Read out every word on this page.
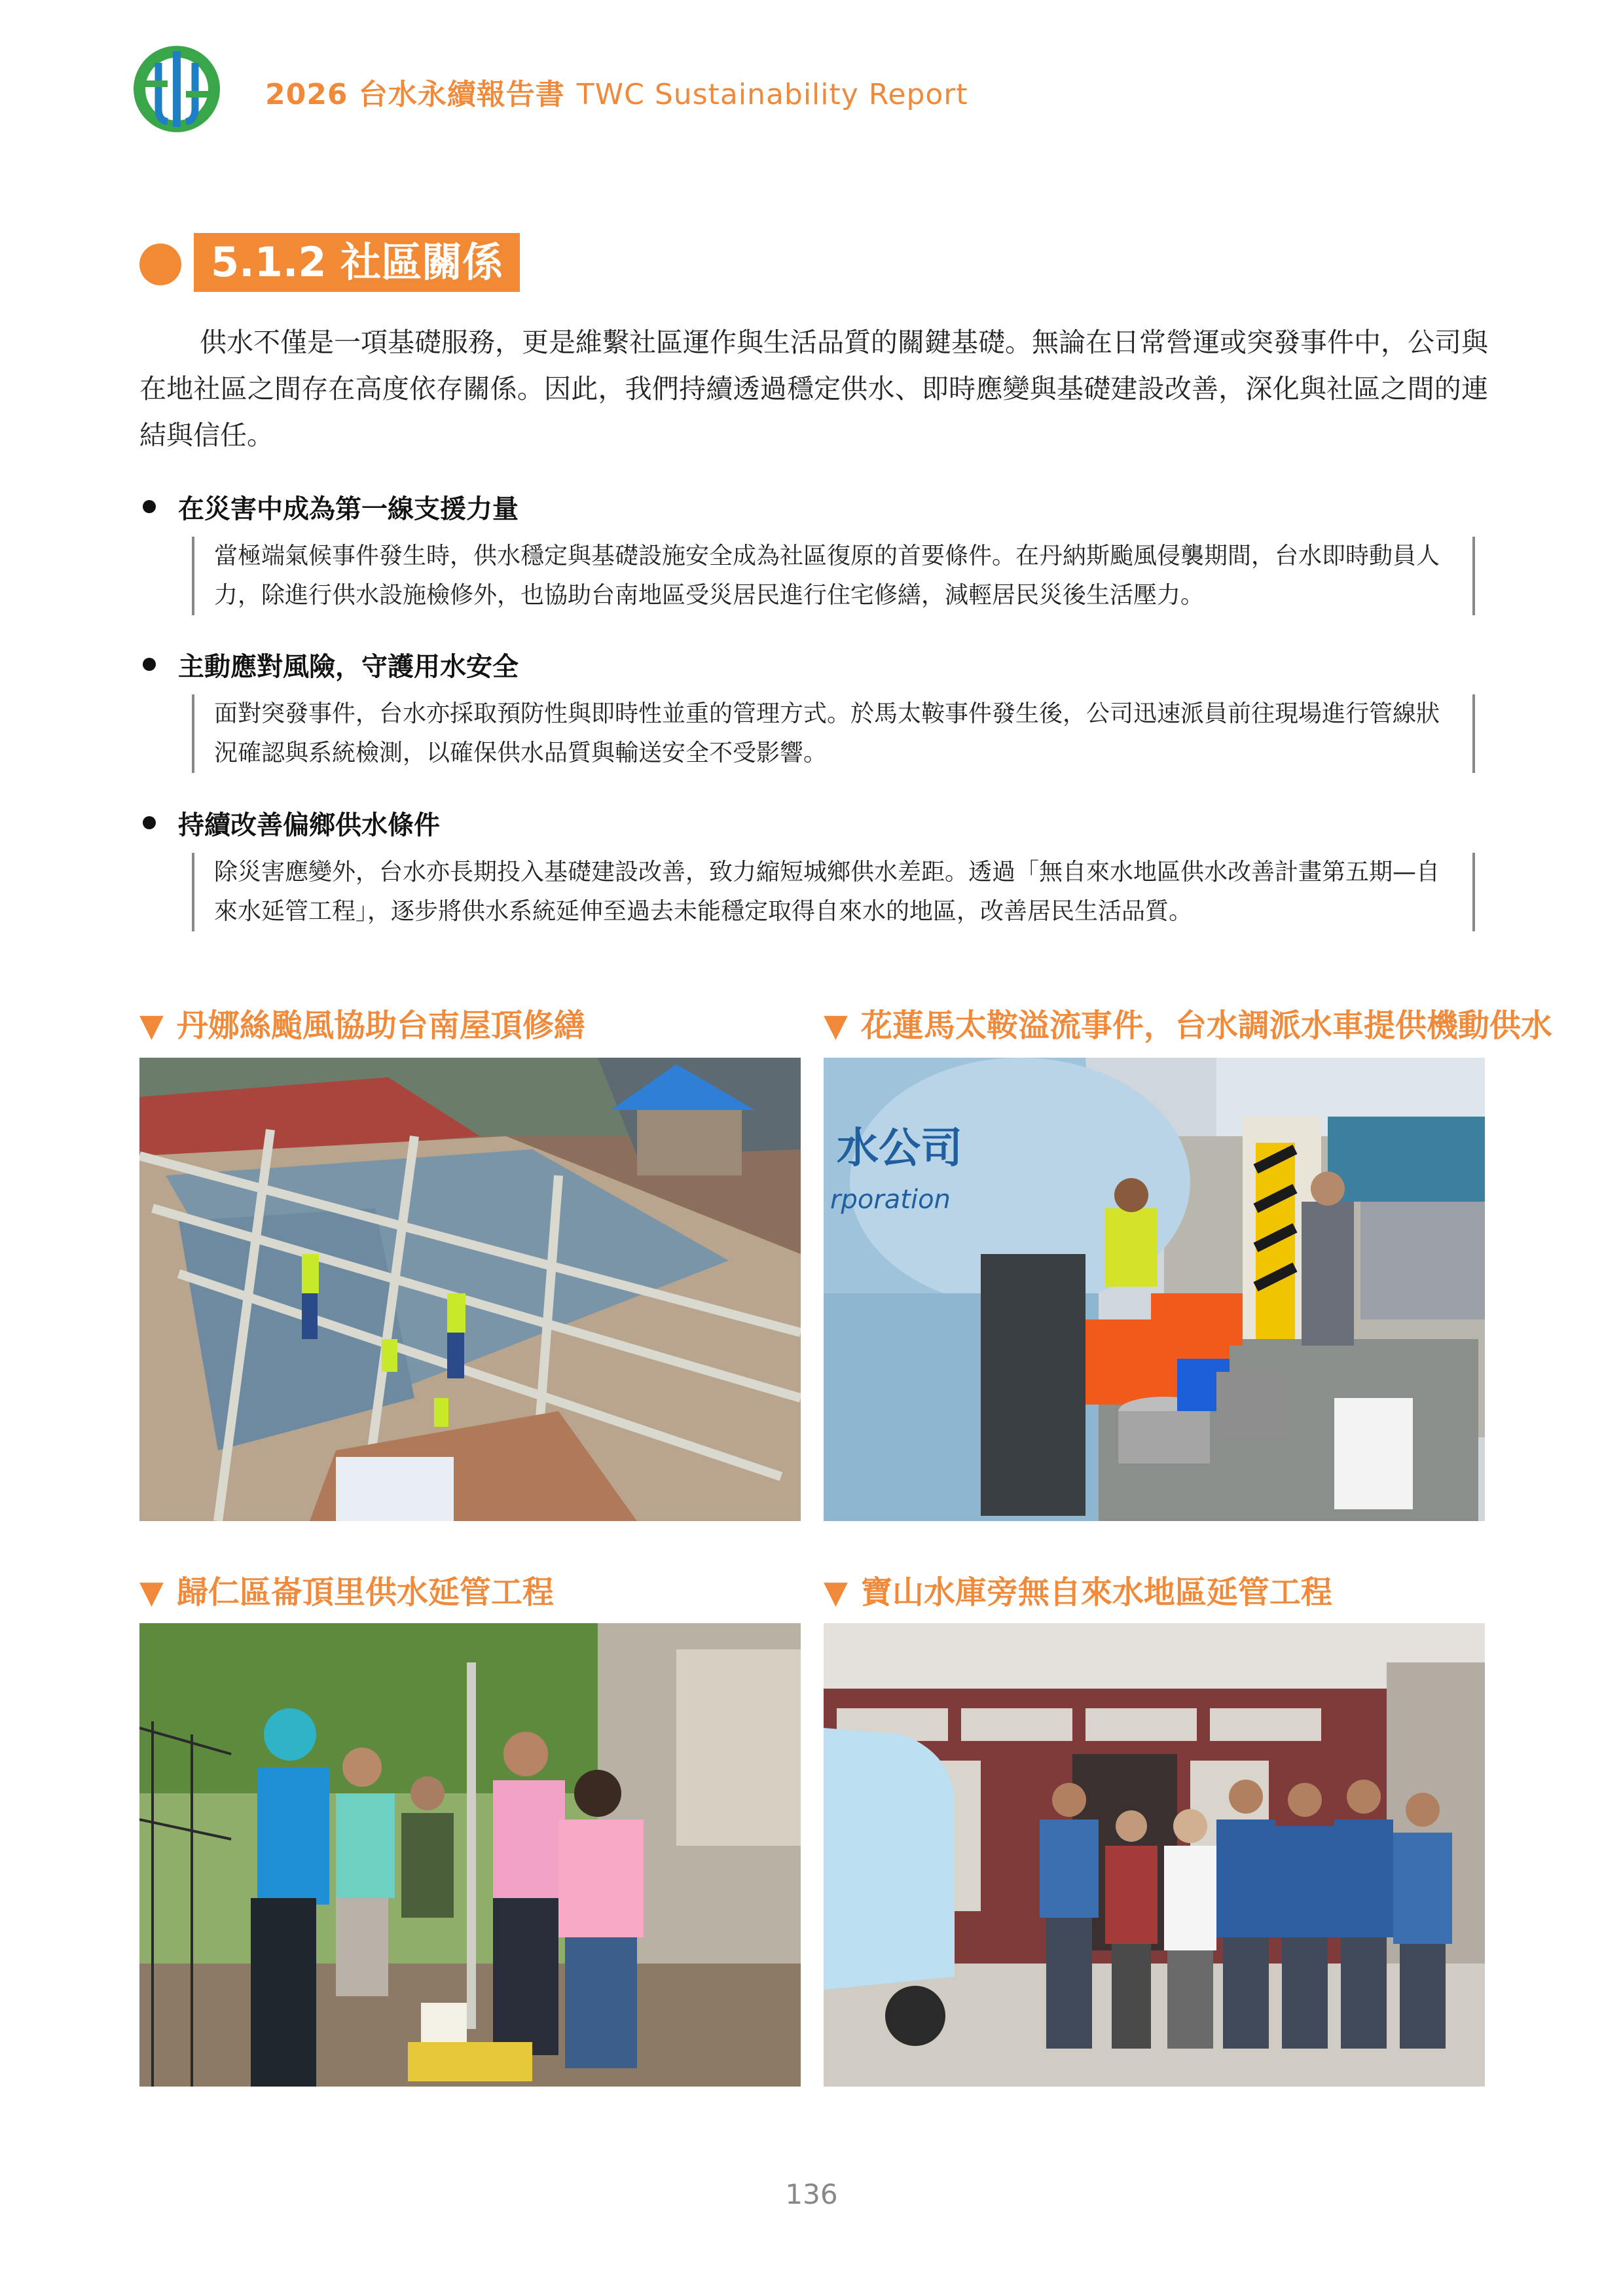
2026 台水永續報告書 TWC Sustainability Report
5.1.2 社區關係
供水不僅是一項基礎服務，更是維繫社區運作與生活品質的關鍵基礎。無論在日常營運或突發事件中，公司與在地社區之間存在高度依存關係。因此，我們持續透過穩定供水、即時應變與基礎建設改善，深化與社區之間的連結與信任。
在災害中成為第一線支援力量
當極端氣候事件發生時，供水穩定與基礎設施安全成為社區復原的首要條件。在丹納斯颱風侵襲期間，台水即時動員人力，除進行供水設施檢修外，也協助台南地區受災居民進行住宅修繕，減輕居民災後生活壓力。
主動應對風險，守護用水安全
面對突發事件，台水亦採取預防性與即時性並重的管理方式。於馬太鞍事件發生後，公司迅速派員前往現場進行管線狀況確認與系統檢測，以確保供水品質與輸送安全不受影響。
持續改善偏鄉供水條件
除災害應變外，台水亦長期投入基礎建設改善，致力縮短城鄉供水差距。透過「無自來水地區供水改善計畫第五期—自來水延管工程」，逐步將供水系統延伸至過去未能穩定取得自來水的地區，改善居民生活品質。
▼ 丹娜絲颱風協助台南屋頂修繕	▼ 花蓮馬太鞍溢流事件，台水調派水車提供機動供水
水公司
rporation
▼ 歸仁區崙頂里供水延管工程	▼ 寶山水庫旁無自來水地區延管工程
136
